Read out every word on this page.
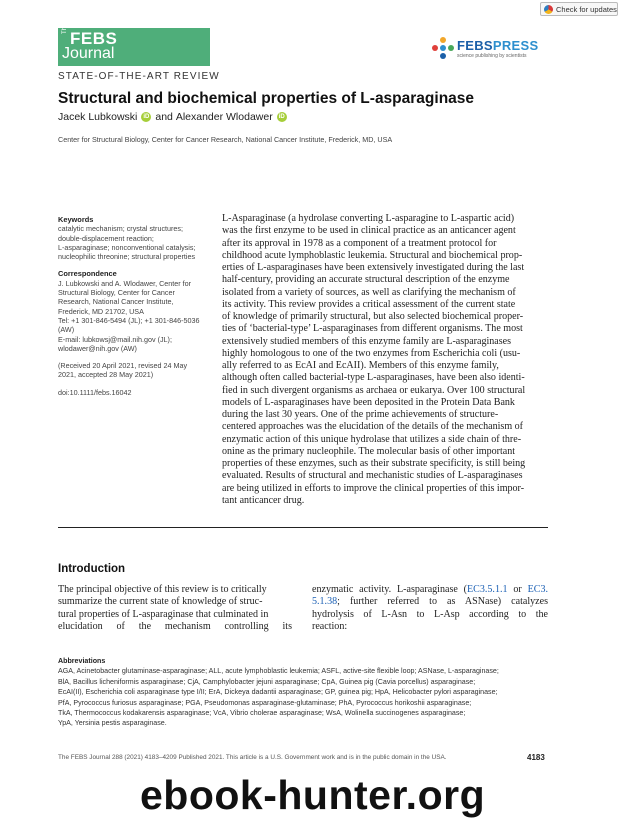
Check for updates
The
FEBS
Journal	FEBSPRESS
science publishing by scientists
STATE-OF-THE-ART REVIEW
Structural and biochemical properties of L-asparaginase
Jacek Lubkowski	iD and
Alexander Wlodawer	iD
Center for Structural Biology, Center for Cancer Research, National Cancer Institute, Frederick, MD, USA

Keywords

catalytic mechanism; crystal structures;

double-displacement reaction;

L-asparaginase; nonconventional catalysis;

nucleophilic threonine; structural properties

Correspondence

J. Lubkowski and A. Wlodawer, Center for

Structural Biology, Center for Cancer

Research, National Cancer Institute,

Frederick, MD 21702, USA

Tel: +1 301-846-5494 (JL); +1 301-846-5036

(AW)

E-mail: lubkowsj@mail.nih.gov (JL);

wlodawer@nih.gov (AW)

(Received 20 April 2021, revised 24 May

2021, accepted 28 May 2021)

doi:10.1111/febs.16042

L-Asparaginase (a hydrolase converting L-asparagine to L-aspartic acid)

was the first enzyme to be used in clinical practice as an anticancer agent

after its approval in 1978 as a component of a treatment protocol for

childhood acute lymphoblastic leukemia. Structural and biochemical prop-

erties of L-asparaginases have been extensively investigated during the last

half-century, providing an accurate structural description of the enzyme

isolated from a variety of sources, as well as clarifying the mechanism of

its activity. This review provides a critical assessment of the current state

of knowledge of primarily structural, but also selected biochemical proper-

ties of ‘bacterial-type’ L-asparaginases from different organisms. The most

extensively studied members of this enzyme family are L-asparaginases

highly homologous to one of the two enzymes from Escherichia coli (usu-

ally referred to as EcAI and EcAII). Members of this enzyme family,

although often called bacterial-type L-asparaginases, have been also identi-

fied in such divergent organisms as archaea or eukarya. Over 100 structural

models of L-asparaginases have been deposited in the Protein Data Bank

during the last 30 years. One of the prime achievements of structure-

centered approaches was the elucidation of the details of the mechanism of

enzymatic action of this unique hydrolase that utilizes a side chain of thre-

onine as the primary nucleophile. The molecular basis of other important

properties of these enzymes, such as their substrate specificity, is still being

evaluated. Results of structural and mechanistic studies of L-asparaginases

are being utilized in efforts to improve the clinical properties of this impor-

tant anticancer drug.

Introduction

The principal objective of this review is to critically

summarize the current state of knowledge of struc-

tural properties of L-asparaginase that culminated in

elucidation of the mechanism controlling its

enzymatic activity. L-asparaginase (EC3.5.1.1 or EC3.

5.1.38; further referred to as ASNase) catalyzes

hydrolysis of L-Asn to L-Asp according to the

reaction:

Abbreviations

AGA, Acinetobacter glutaminase-asparaginase; ALL, acute lymphoblastic leukemia; ASFL, active-site flexible loop; ASNase, L-asparaginase;

BlA, Bacillus licheniformis asparaginase; CjA, Camphylobacter jejuni asparaginase; CpA, Guinea pig (Cavia porcellus) asparaginase;

EcAI(II), Escherichia coli asparaginase type I/II; ErA, Dickeya dadantii asparaginase; GP, guinea pig; HpA, Helicobacter pylori asparaginase;

PfA, Pyrococcus furiosus asparaginase; PGA, Pseudomonas asparaginase-glutaminase; PhA, Pyrococcus horikoshii asparaginase;

TkA, Thermococcus kodakarensis asparaginase; VcA, Vibrio cholerae asparaginase; WsA, Wolinella succinogenes asparaginase;

YpA, Yersinia pestis asparaginase.

The FEBS Journal 288 (2021) 4183–4209 Published 2021. This article is a U.S. Government work and is in the public domain in the USA.	4183
ebook-hunter.org
